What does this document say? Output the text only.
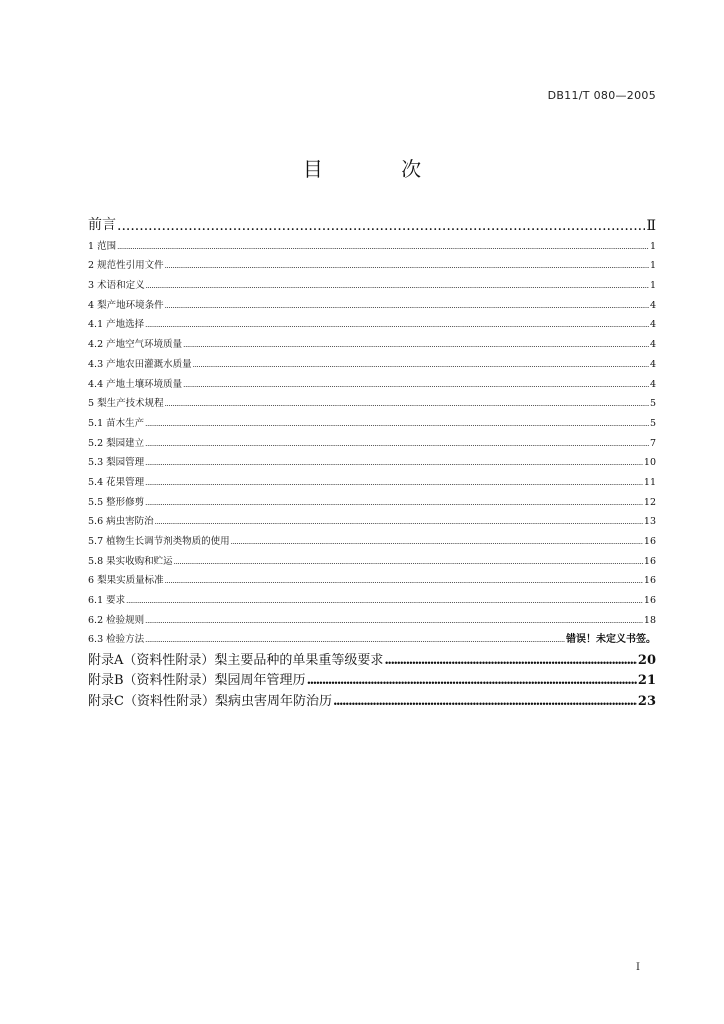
DB11/T 080—2005
目 次
前言 .....	Ⅱ
1 范围 .....	1
2 规范性引用文件 .....	1
3 术语和定义 .....	1
4 梨产地环境条件 .....	4
4.1 产地选择 .....	4
4.2 产地空气环境质量 .....	4
4.3 产地农田灌溉水质量 .....	4
4.4 产地土壤环境质量 .....	4
5 梨生产技术规程 .....	5
5.1 苗木生产 .....	5
5.2 梨园建立 .....	7
5.3 梨园管理 .....	10
5.4 花果管理 .....	11
5.5 整形修剪 .....	12
5.6 病虫害防治 .....	13
5.7 植物生长调节剂类物质的使用 .....	16
5.8 果实收购和贮运 .....	16
6 梨果实质量标准 .....	16
6.1 要求 .....	16
6.2 检验规则 .....	18
6.3 检验方法 .....	错误！未定义书签。
附录A（资料性附录）梨主要品种的单果重等级要求 .....	20
附录B（资料性附录）梨园周年管理历 .....	21
附录C（资料性附录）梨病虫害周年防治历 .....	23
I
